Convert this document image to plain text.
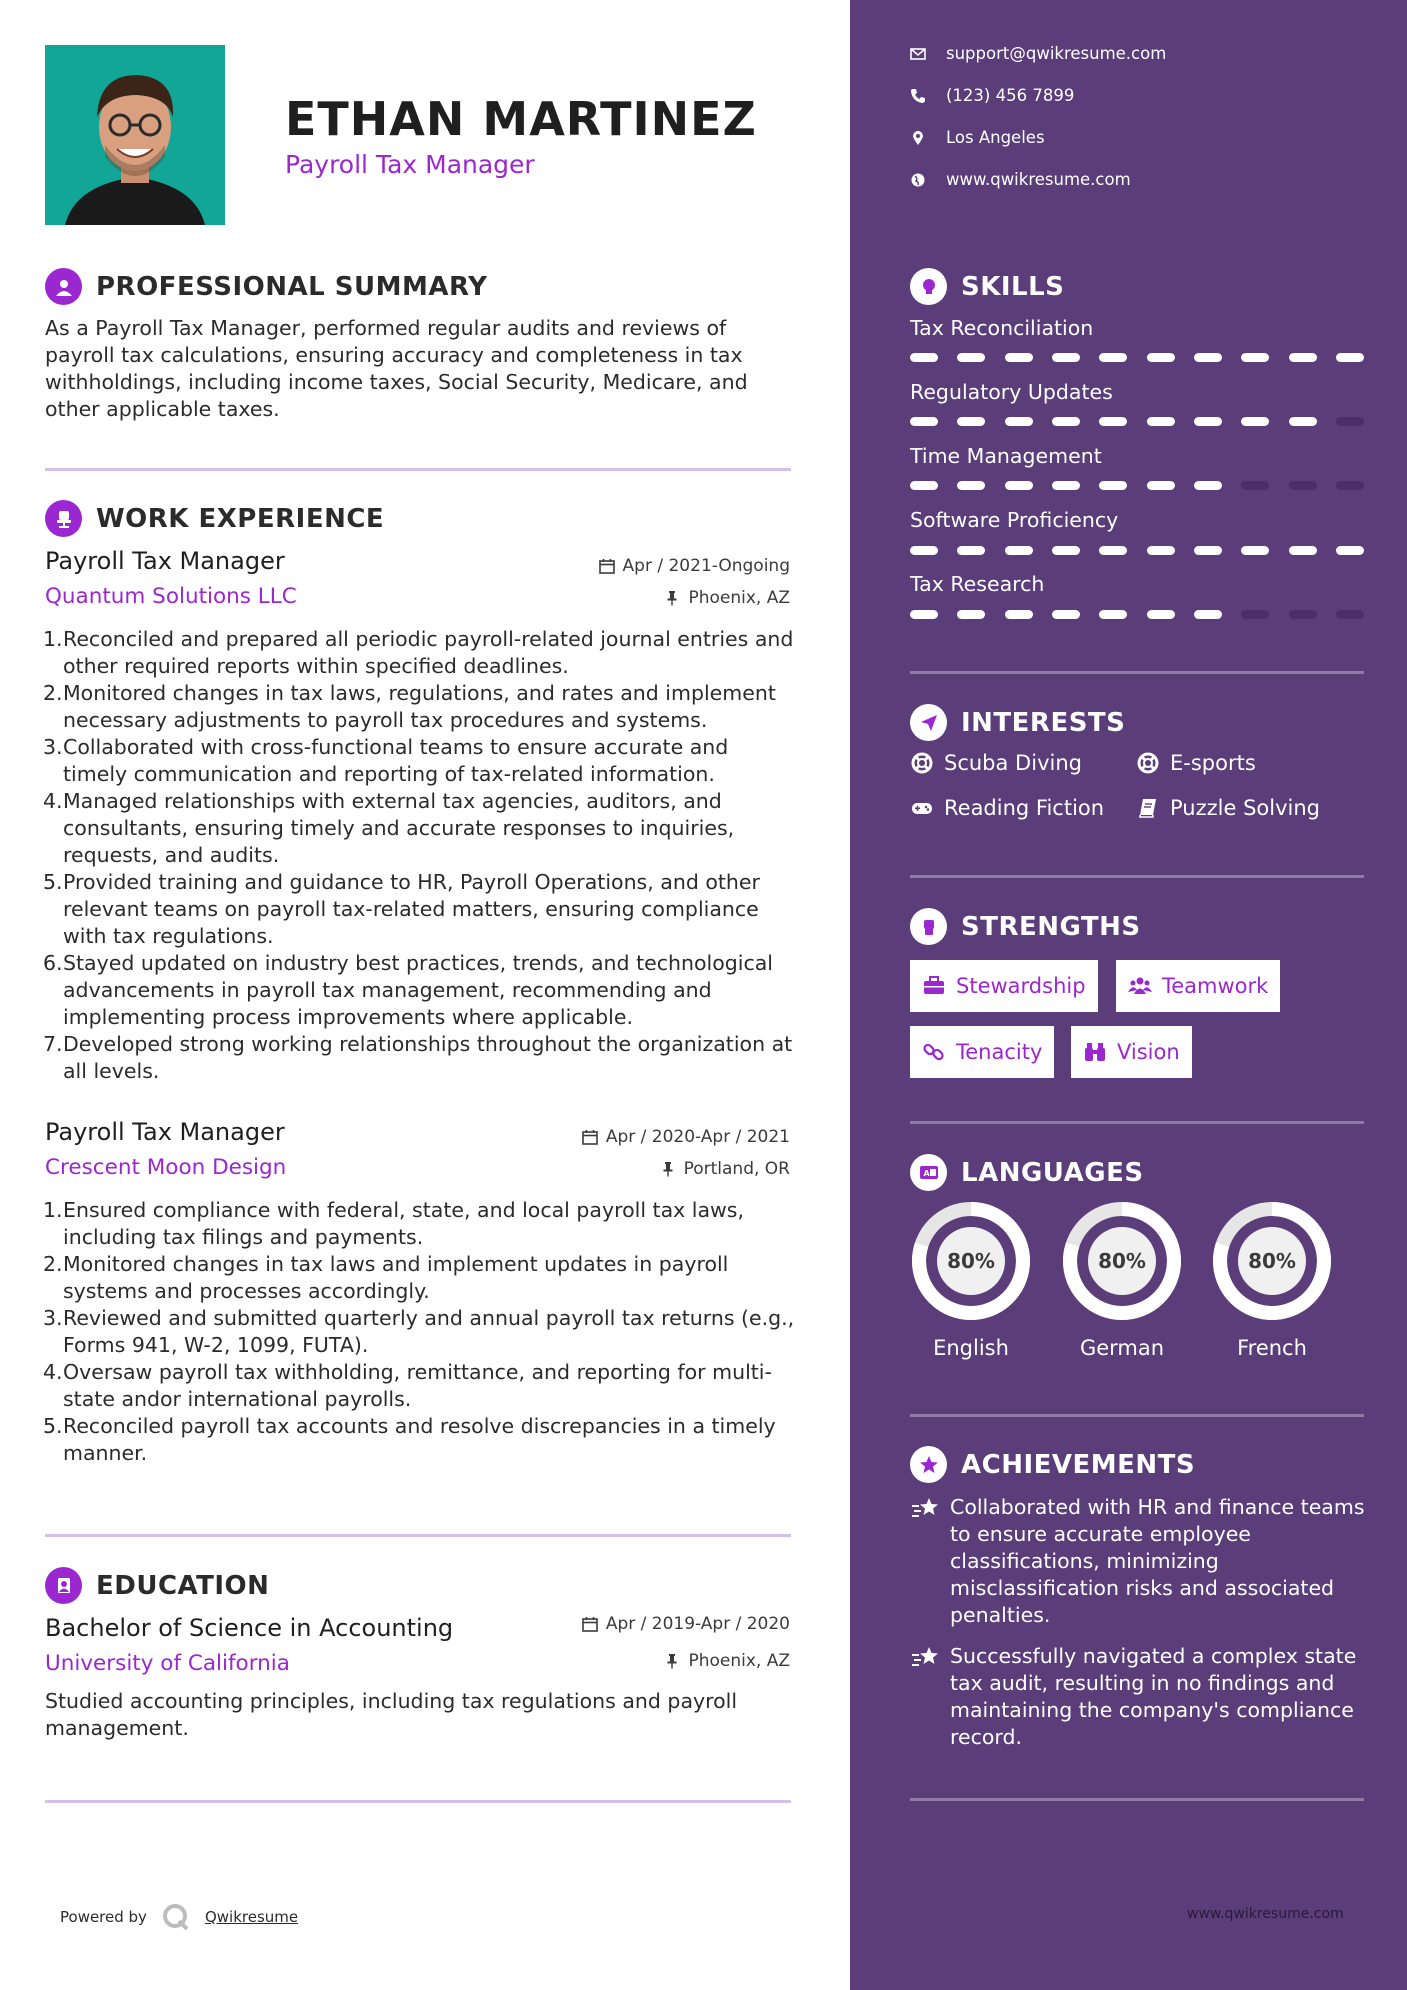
ETHAN MARTINEZ
Payroll Tax Manager
PROFESSIONAL SUMMARY
As a Payroll Tax Manager, performed regular audits and reviews of payroll tax calculations, ensuring accuracy and completeness in tax withholdings, including income taxes, Social Security, Medicare, and other applicable taxes.
WORK EXPERIENCE
Payroll Tax Manager	Apr / 2021-Ongoing
Quantum Solutions LLC	Phoenix, AZ
Reconciled and prepared all periodic payroll-related journal entries and other required reports within specified deadlines.
Monitored changes in tax laws, regulations, and rates and implement necessary adjustments to payroll tax procedures and systems.
Collaborated with cross-functional teams to ensure accurate and timely communication and reporting of tax-related information.
Managed relationships with external tax agencies, auditors, and consultants, ensuring timely and accurate responses to inquiries, requests, and audits.
Provided training and guidance to HR, Payroll Operations, and other relevant teams on payroll tax-related matters, ensuring compliance with tax regulations.
Stayed updated on industry best practices, trends, and technological advancements in payroll tax management, recommending and implementing process improvements where applicable.
Developed strong working relationships throughout the organization at all levels.
Payroll Tax Manager	Apr / 2020-Apr / 2021
Crescent Moon Design	Portland, OR
Ensured compliance with federal, state, and local payroll tax laws, including tax filings and payments.
Monitored changes in tax laws and implement updates in payroll systems and processes accordingly.
Reviewed and submitted quarterly and annual payroll tax returns (e.g., Forms 941, W-2, 1099, FUTA).
Oversaw payroll tax withholding, remittance, and reporting for multi-state andor international payrolls.
Reconciled payroll tax accounts and resolve discrepancies in a timely manner.
EDUCATION
Bachelor of Science in Accounting	Apr / 2019-Apr / 2020
University of California	Phoenix, AZ
Studied accounting principles, including tax regulations and payroll management.
Powered by	Qwikresume
support@qwikresume.com
(123) 456 7899
Los Angeles
www.qwikresume.com
SKILLS
Tax Reconciliation
Regulatory Updates
Time Management
Software Proficiency
Tax Research
INTERESTS
Scuba Diving	E-sports
Reading Fiction	Puzzle Solving
STRENGTHS
Stewardship	Teamwork
Tenacity	Vision
A LANGUAGES
80%	80%	80%
English	German	French
ACHIEVEMENTS
Collaborated with HR and finance teams to ensure accurate employee classifications, minimizing misclassification risks and associated penalties.
Successfully navigated a complex state tax audit, resulting in no findings and maintaining the company's compliance record.
www.qwikresume.com
